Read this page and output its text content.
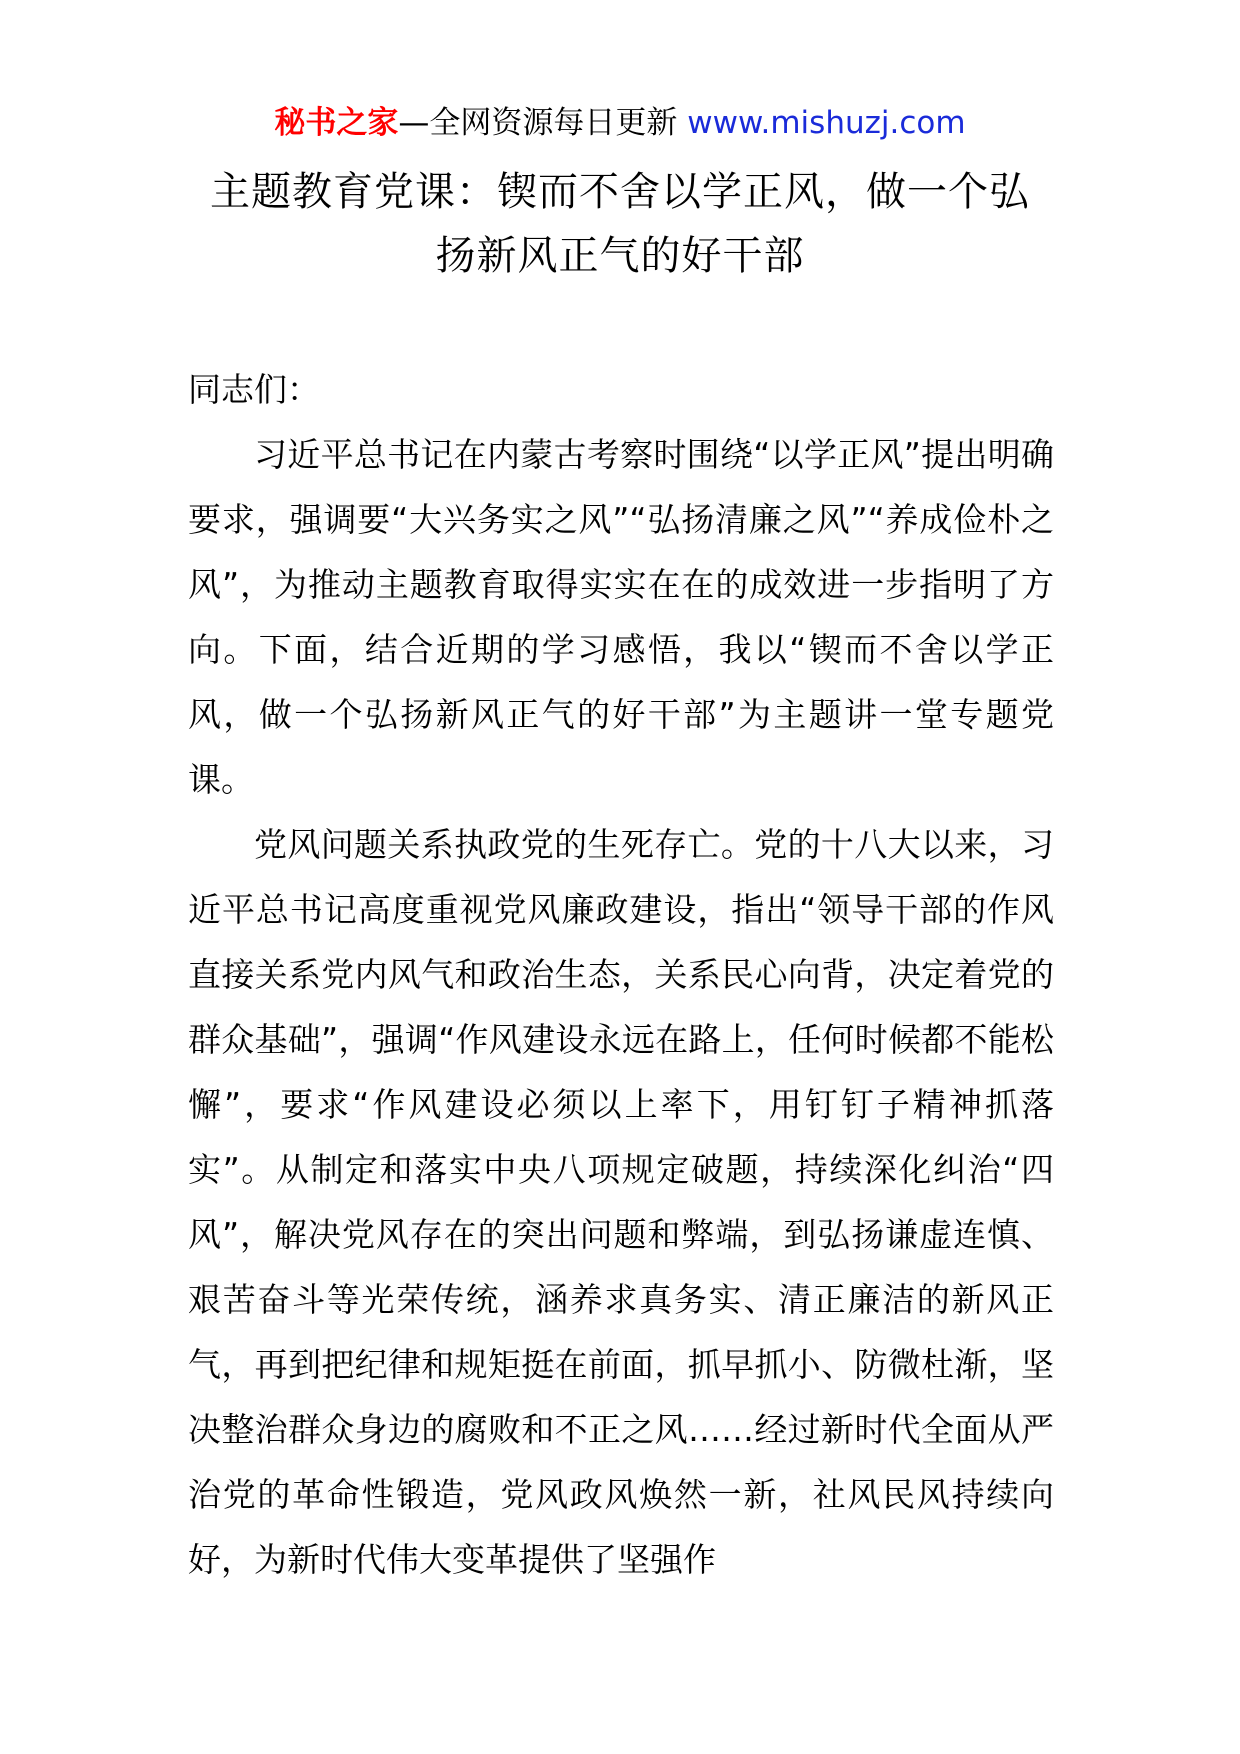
秘书之家—全网资源每日更新 www.mishuzj.com
主题教育党课：锲而不舍以学正风，做一个弘
扬新风正气的好干部

同志们：

习近平总书记在内蒙古考察时围绕“以学正风”提出明确要求，强调要“大兴务实之风”“弘扬清廉之风”“养成俭朴之风”，为推动主题教育取得实实在在的成效进一步指明了方向。下面，结合近期的学习感悟，我以“锲而不舍以学正风，做一个弘扬新风正气的好干部”为主题讲一堂专题党课。

党风问题关系执政党的生死存亡。党的十八大以来，习近平总书记高度重视党风廉政建设，指出“领导干部的作风直接关系党内风气和政治生态，关系民心向背，决定着党的群众基础”，强调“作风建设永远在路上，任何时候都不能松懈”，要求“作风建设必须以上率下，用钉钉子精神抓落实”。从制定和落实中央八项规定破题，持续深化纠治“四风”，解决党风存在的突出问题和弊端，到弘扬谦虚连慎、艰苦奋斗等光荣传统，涵养求真务实、清正廉洁的新风正气，再到把纪律和规矩挺在前面，抓早抓小、防微杜渐，坚决整治群众身边的腐败和不正之风……经过新时代全面从严治党的革命性锻造，党风政风焕然一新，社风民风持续向好，为新时代伟大变革提供了坚强作
